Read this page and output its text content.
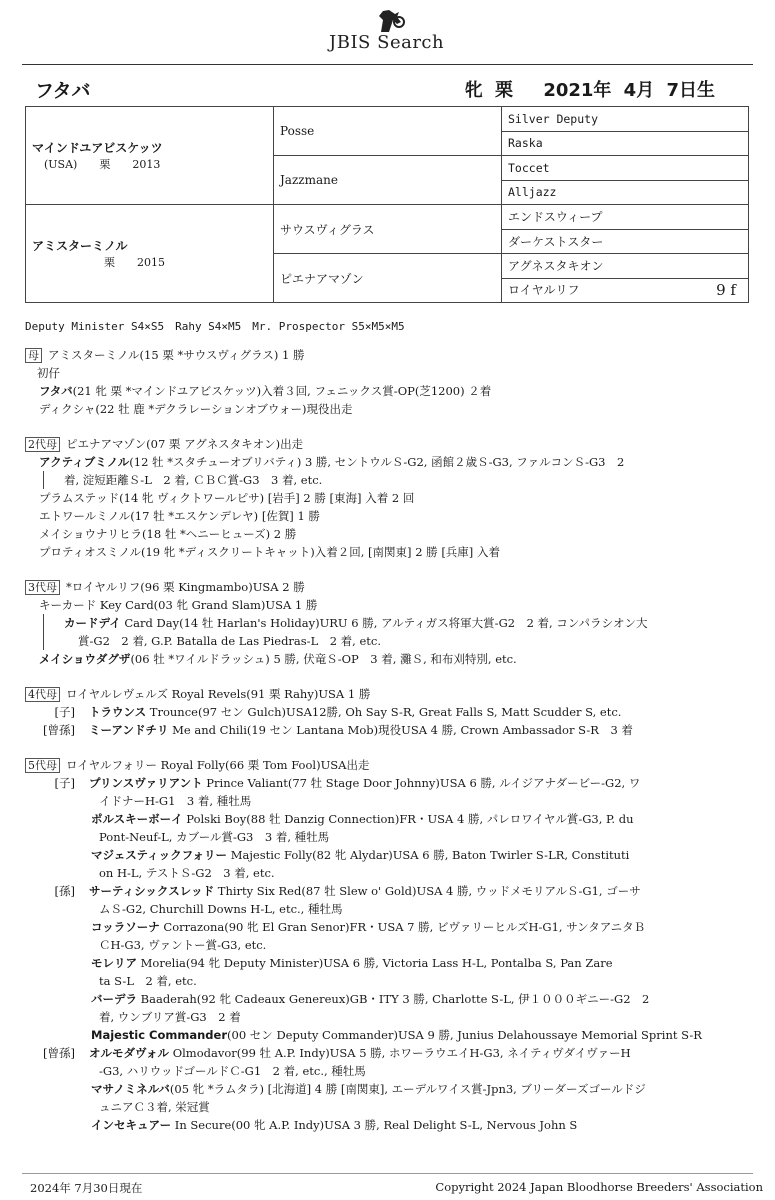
JBIS Search
フタバ	牝 栗　 2021年 4月 7日生
マインドユアビスケッツ
(USA)　　栗　　2013	Posse	Silver Deputy
		Raska
	Jazzmane	Toccet
		Alljazz

アミスターミノル
栗　　2015	サウスヴィグラス	エンドスウィープ
		ダーケストスター
	ピエナアマゾン	アグネスタキオン
		ロイヤルリフ 9 f
Deputy Minister S4×S5　Rahy S4×M5　Mr. Prospector S5×M5×M5
母 アミスターミノル(15 栗 *サウスヴィグラス) 1 勝
初仔
フタバ(21 牝 栗 *マインドユアビスケッツ)入着３回, フェニックス賞-OP(芝1200) ２着
ディクシャ(22 牡 鹿 *デクラレーションオブウォー)現役出走
2代母 ピエナアマゾン(07 栗 アグネスタキオン)出走
アクティブミノル(12 牡 *スタチューオブリバティ) 3 勝, セントウルＳ-G2, 函館２歳Ｓ-G3, ファルコンＳ-G3　2
着, 淀短距離Ｓ-L　2 着, ＣＢＣ賞-G3　3 着, etc.
プラムステッド(14 牝 ヴィクトワールピサ) [岩手] 2 勝 [東海] 入着 2 回
エトワールミノル(17 牡 *エスケンデレヤ) [佐賀] 1 勝
メイショウナリヒラ(18 牡 *ヘニーヒューズ) 2 勝
プロティオスミノル(19 牝 *ディスクリートキャット)入着２回, [南関東] 2 勝 [兵庫] 入着
3代母 *ロイヤルリフ(96 栗 Kingmambo)USA 2 勝
キーカード Key Card(03 牝 Grand Slam)USA 1 勝
カードデイ Card Day(14 牡 Harlan's Holiday)URU 6 勝, アルティガス将軍大賞-G2　2 着, コンパラシオン大
賞-G2　2 着, G.P. Batalla de Las Piedras-L　2 着, etc.
メイショウダグザ(06 牡 *ワイルドラッシュ) 5 勝, 伏竜Ｓ-OP　3 着, 灘Ｓ, 和布刈特別, etc.
4代母 ロイヤルレヴェルズ Royal Revels(91 栗 Rahy)USA 1 勝
[子] トラウンス Trounce(97 セン Gulch)USA12勝, Oh Say S-R, Great Falls S, Matt Scudder S, etc.
[曾孫] ミーアンドチリ Me and Chili(19 セン Lantana Mob)現役USA 4 勝, Crown Ambassador S-R　3 着
5代母 ロイヤルフォリー Royal Folly(66 栗 Tom Fool)USA出走
[子] プリンスヴァリアント Prince Valiant(77 牡 Stage Door Johnny)USA 6 勝, ルイジアナダービー-G2, ワ
イドナーH-G1　3 着, 種牡馬
ポルスキーボーイ Polski Boy(88 牡 Danzig Connection)FR・USA 4 勝, パレロワイヤル賞-G3, P. du
Pont-Neuf-L, カブール賞-G3　3 着, 種牡馬
マジェスティックフォリー Majestic Folly(82 牝 Alydar)USA 6 勝, Baton Twirler S-LR, Constituti
on H-L, テストＳ-G2　3 着, etc.
[孫] サーティシックスレッド Thirty Six Red(87 牡 Slew o' Gold)USA 4 勝, ウッドメモリアルＳ-G1, ゴーサ
ムＳ-G2, Churchill Downs H-L, etc., 種牡馬
コッラソーナ Corrazona(90 牝 El Gran Senor)FR・USA 7 勝, ビヴァリーヒルズH-G1, サンタアニタＢ
ＣH-G3, ヴァントー賞-G3, etc.
モレリア Morelia(94 牝 Deputy Minister)USA 6 勝, Victoria Lass H-L, Pontalba S, Pan Zare
ta S-L　2 着, etc.
バーデラ Baaderah(92 牝 Cadeaux Genereux)GB・ITY 3 勝, Charlotte S-L, 伊１０００ギニー-G2　2
着, ウンブリア賞-G3　2 着
Majestic Commander(00 セン Deputy Commander)USA 9 勝, Junius Delahoussaye Memorial Sprint S-R
[曾孫] オルモダヴォル Olmodavor(99 牡 A.P. Indy)USA 5 勝, ホワーラウエイH-G3, ネイティヴダイヴァーH
-G3, ハリウッドゴールドＣ-G1　2 着, etc., 種牡馬
マサノミネルバ(05 牝 *ラムタラ) [北海道] 4 勝 [南関東], エーデルワイス賞-Jpn3, ブリーダーズゴールドジ
ュニアＣ３着, 栄冠賞
インセキュアー In Secure(00 牝 A.P. Indy)USA 3 勝, Real Delight S-L, Nervous John S
2024年 7月30日現在	Copyright 2024 Japan Bloodhorse Breeders' Association
